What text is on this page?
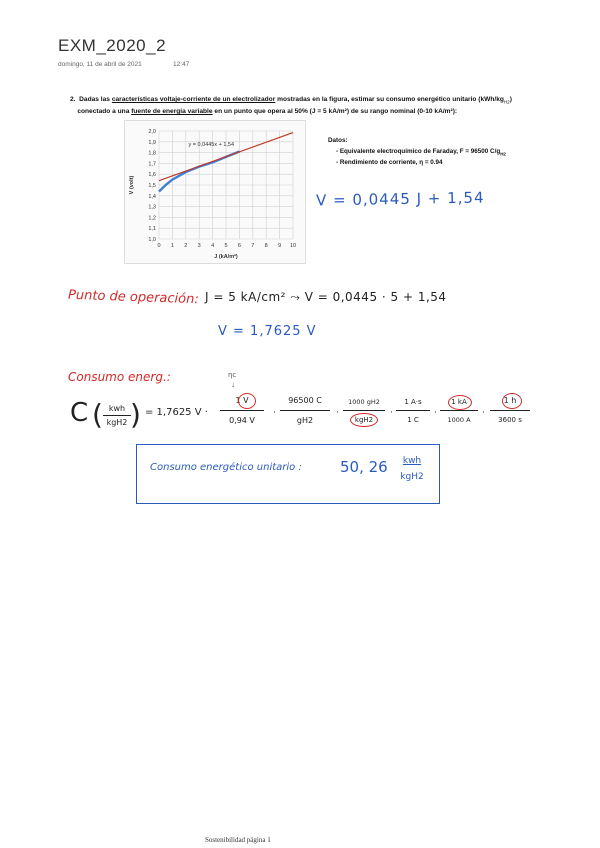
EXM_2020_2
domingo, 11 de abril de 2021	12:47
2. Dadas las características voltaje-corriente de un electrolizador mostradas en la figura, estimar su consumo energético unitario $(kWh/kg_{H2})$
conectado a una fuente de energía variable en un punto que opera al 50% (J = 5 kA/m²) de su rango nominal (0-10 kA/m²):
1,0
1,1
1,2
1,3
1,4
1,5
1,6
1,7
1,8
1,9
2,0
0 1 2 3 4 5 6 7 8 9 10
y = 0,0445x + 1,54
J (kA/m²)
V (volt)
Datos:
- Equivalente electroquímico de Faraday, F = 96500 $C/g_{H2}$
- Rendimiento de corriente, η = 0.94
V = 0,0445 J + 1,54
Punto de operación: J = 5 kA/cm² ⤳ V = 0,0445 · 5 + 1,54
V = 1,7625 V
Consumo energ.:
C ( kwh
kgH2 ) = 1,7625 V ·
ηc
↓
1 V
0,94 V
·
96500 C
gH2
·
1000 gH2
kgH2
·
1 A·s
1 C
·
1 kA
1000 A
·
1 h
3600 s
Consumo energético unitario :	50, 26	kwh
kgH2
Sostenibilidad página 1
